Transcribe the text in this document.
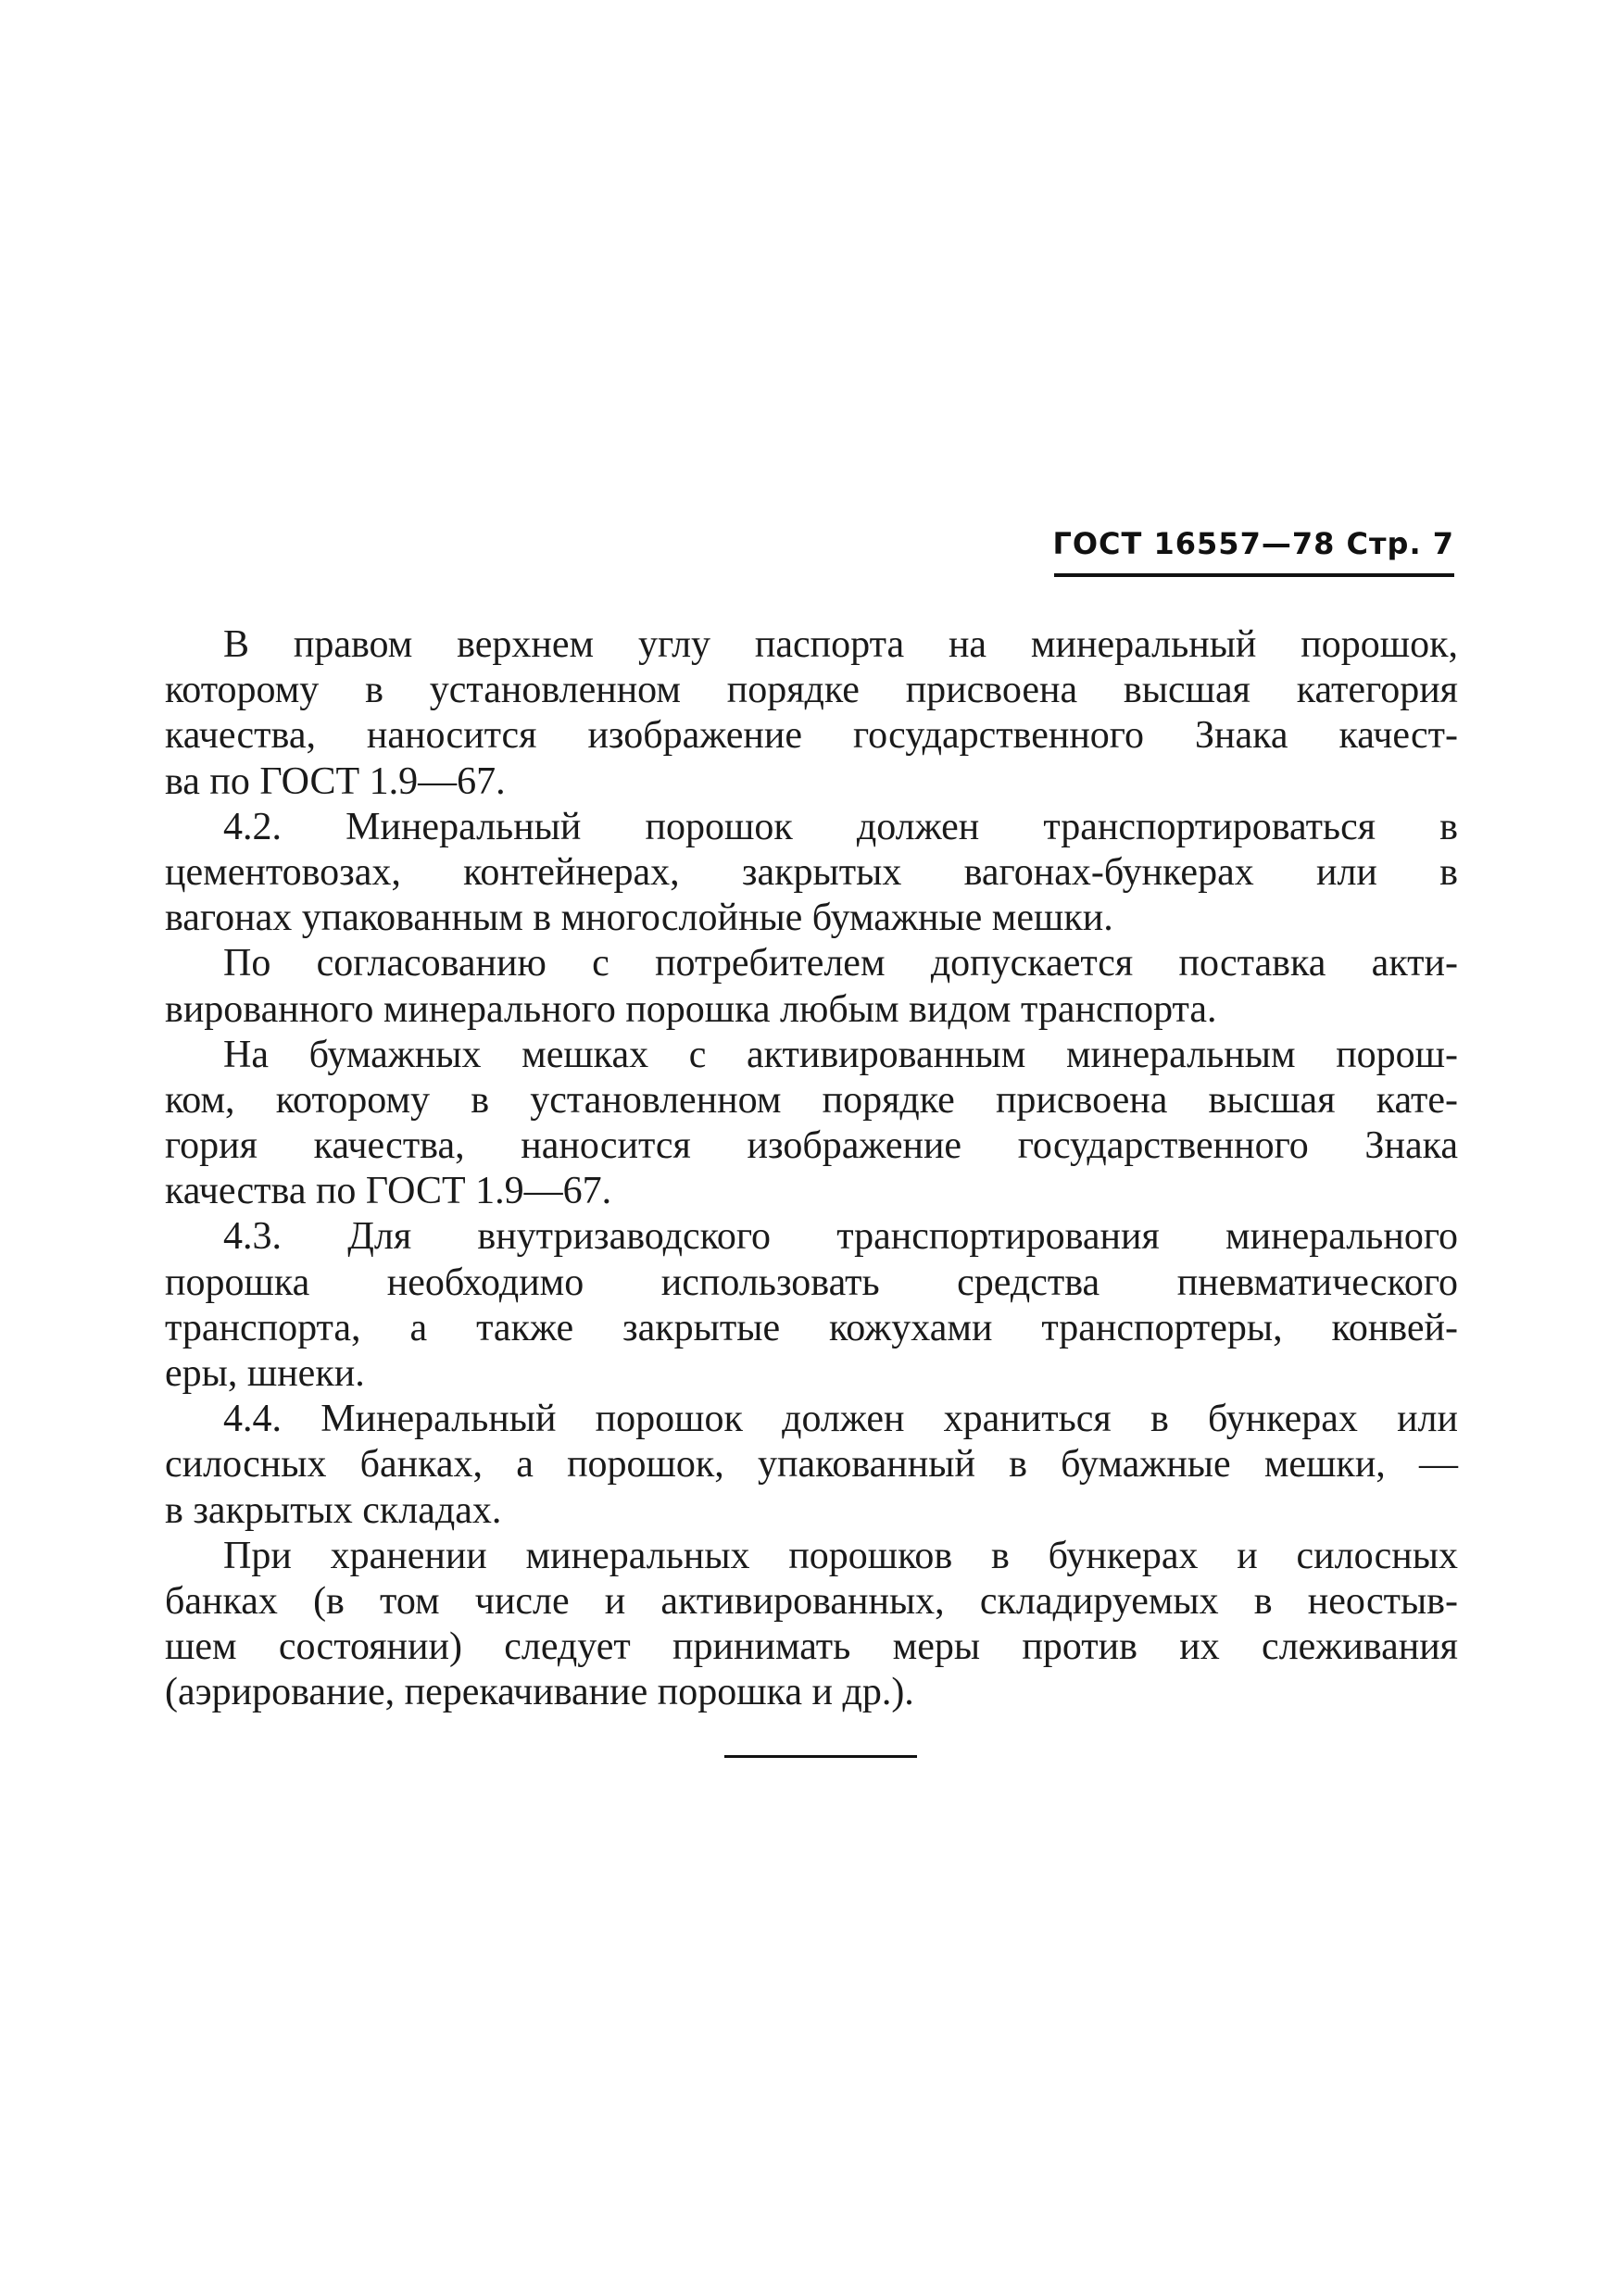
ГОСТ 16557—78 Стр. 7
В правом верхнем углу паспорта на минеральный порошок,
которому в установленном порядке присвоена высшая категория
качества, наносится изображение государственного Знака качест-
ва по ГОСТ 1.9—67.
4.2. Минеральный порошок должен транспортироваться в
цементовозах, контейнерах, закрытых вагонах-бункерах или в
вагонах упакованным в многослойные бумажные мешки.
По согласованию с потребителем допускается поставка акти-
вированного минерального порошка любым видом транспорта.
На бумажных мешках с активированным минеральным порош-
ком, которому в установленном порядке присвоена высшая кате-
гория качества, наносится изображение государственного Знака
качества по ГОСТ 1.9—67.
4.3. Для внутризаводского транспортирования минерального
порошка необходимо использовать средства пневматического
транспорта, а также закрытые кожухами транспортеры, конвей-
еры, шнеки.
4.4. Минеральный порошок должен храниться в бункерах или
силосных банках, а порошок, упакованный в бумажные мешки, —
в закрытых складах.
При хранении минеральных порошков в бункерах и силосных
банках (в том числе и активированных, складируемых в неостыв-
шем состоянии) следует принимать меры против их слеживания
(аэрирование, перекачивание порошка и др.).
